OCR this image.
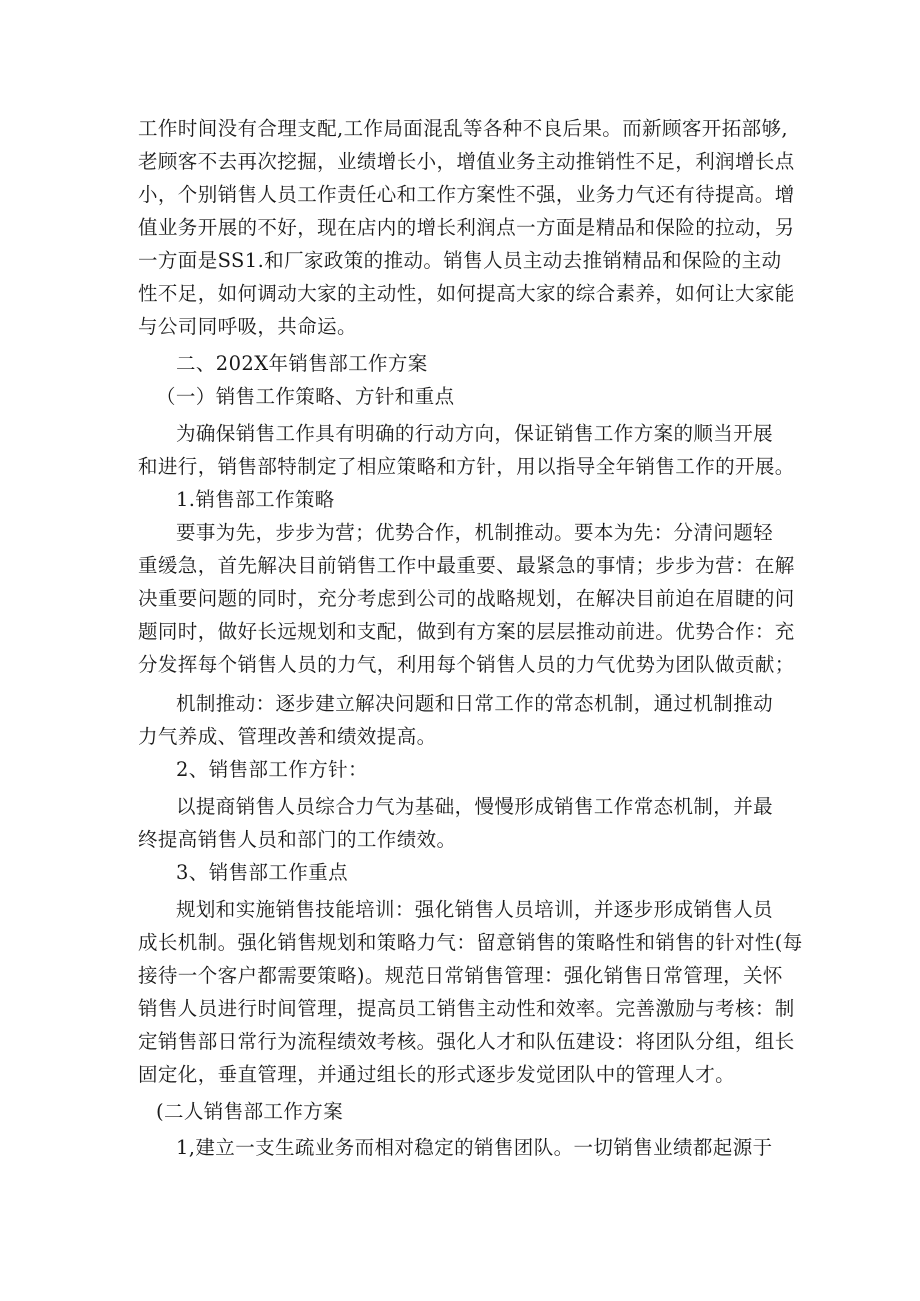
工作时间没有合理支配,工作局面混乱等各种不良后果。而新顾客开拓部够,
老顾客不去再次挖掘，业绩增长小，增值业务主动推销性不足，利润增长点
小，个别销售人员工作责任心和工作方案性不强，业务力气还有待提高。增
值业务开展的不好，现在店内的增长利润点一方面是精品和保险的拉动，另
一方面是SS1.和厂家政策的推动。销售人员主动去推销精品和保险的主动
性不足，如何调动大家的主动性，如何提高大家的综合素养，如何让大家能
与公司同呼吸，共命运。
二、202X年销售部工作方案
（一）销售工作策略、方针和重点
为确保销售工作具有明确的行动方向，保证销售工作方案的顺当开展
和进行，销售部特制定了相应策略和方针，用以指导全年销售工作的开展。
1.销售部工作策略
要事为先，步步为营；优势合作，机制推动。要本为先：分清问题轻
重缓急，首先解决目前销售工作中最重要、最紧急的事情；步步为营：在解
决重要问题的同时，充分考虑到公司的战略规划，在解决目前迫在眉睫的问
题同时，做好长远规划和支配，做到有方案的层层推动前进。优势合作：充
分发挥每个销售人员的力气，利用每个销售人员的力气优势为团队做贡献；
机制推动：逐步建立解决问题和日常工作的常态机制，通过机制推动
力气养成、管理改善和绩效提高。
2、销售部工作方针：
以提商销售人员综合力气为基础，慢慢形成销售工作常态机制，并最
终提高销售人员和部门的工作绩效。
3、销售部工作重点
规划和实施销售技能培训：强化销售人员培训，并逐步形成销售人员
成长机制。强化销售规划和策略力气：留意销售的策略性和销售的针对性(每
接待一个客户都需要策略)。规范日常销售管理：强化销售日常管理，关怀
销售人员进行时间管理，提高员工销售主动性和效率。完善激励与考核：制
定销售部日常行为流程绩效考核。强化人才和队伍建设：将团队分组，组长
固定化，垂直管理，并通过组长的形式逐步发觉团队中的管理人才。
(二人销售部工作方案
1,建立一支生疏业务而相对稳定的销售团队。一切销售业绩都起源于
